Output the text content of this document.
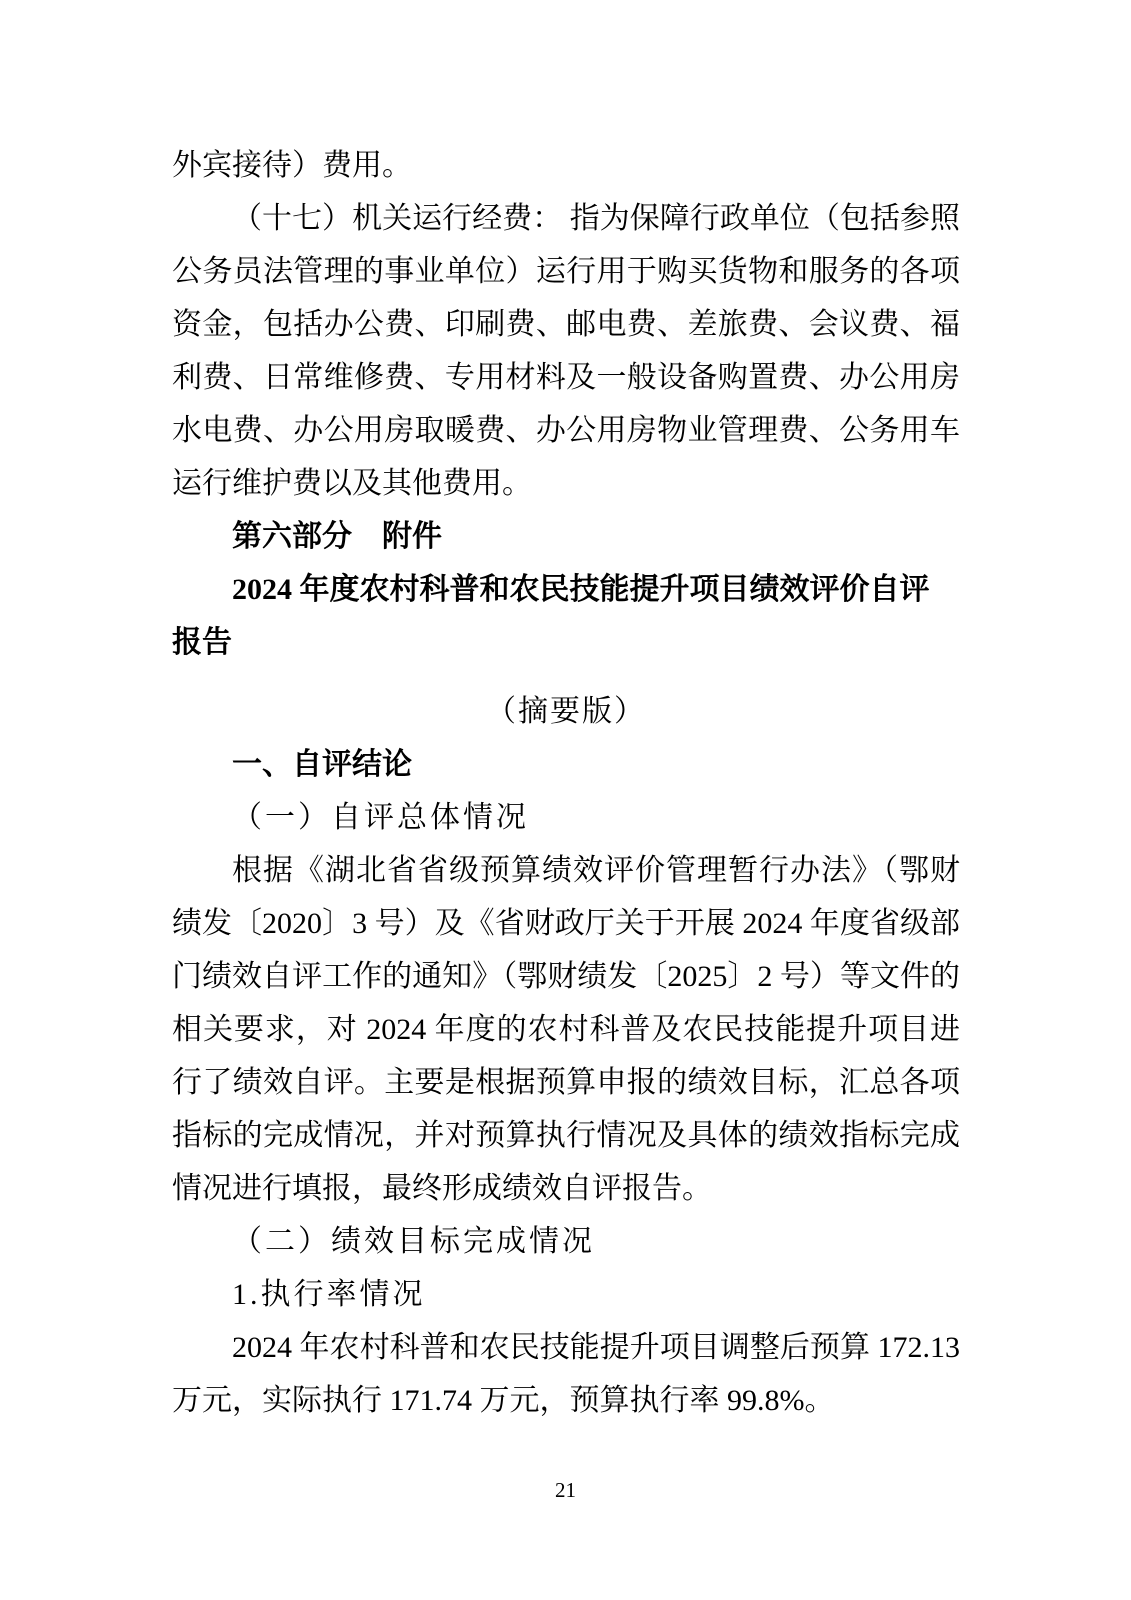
外宾接待）费用。

（十七）机关运行经费： 指为保障行政单位（包括参照公务员法管理的事业单位）运行用于购买货物和服务的各项资金，包括办公费、印刷费、邮电费、差旅费、会议费、福利费、日常维修费、专用材料及一般设备购置费、办公用房水电费、办公用房取暖费、办公用房物业管理费、公务用车运行维护费以及其他费用。

第六部分　附件

2024 年度农村科普和农民技能提升项目绩效评价自评

报告

（摘要版）

一、自评结论

（一）自评总体情况

根据《湖北省省级预算绩效评价管理暂行办法》（鄂财绩发〔2020〕3 号）及《省财政厅关于开展 2024 年度省级部门绩效自评工作的通知》（鄂财绩发〔2025〕2 号）等文件的相关要求，对 2024 年度的农村科普及农民技能提升项目进行了绩效自评。主要是根据预算申报的绩效目标，汇总各项指标的完成情况，并对预算执行情况及具体的绩效指标完成情况进行填报，最终形成绩效自评报告。

（二）绩效目标完成情况

1.执行率情况

2024 年农村科普和农民技能提升项目调整后预算 172.13 万元，实际执行 171.74 万元，预算执行率 99.8%。

21
